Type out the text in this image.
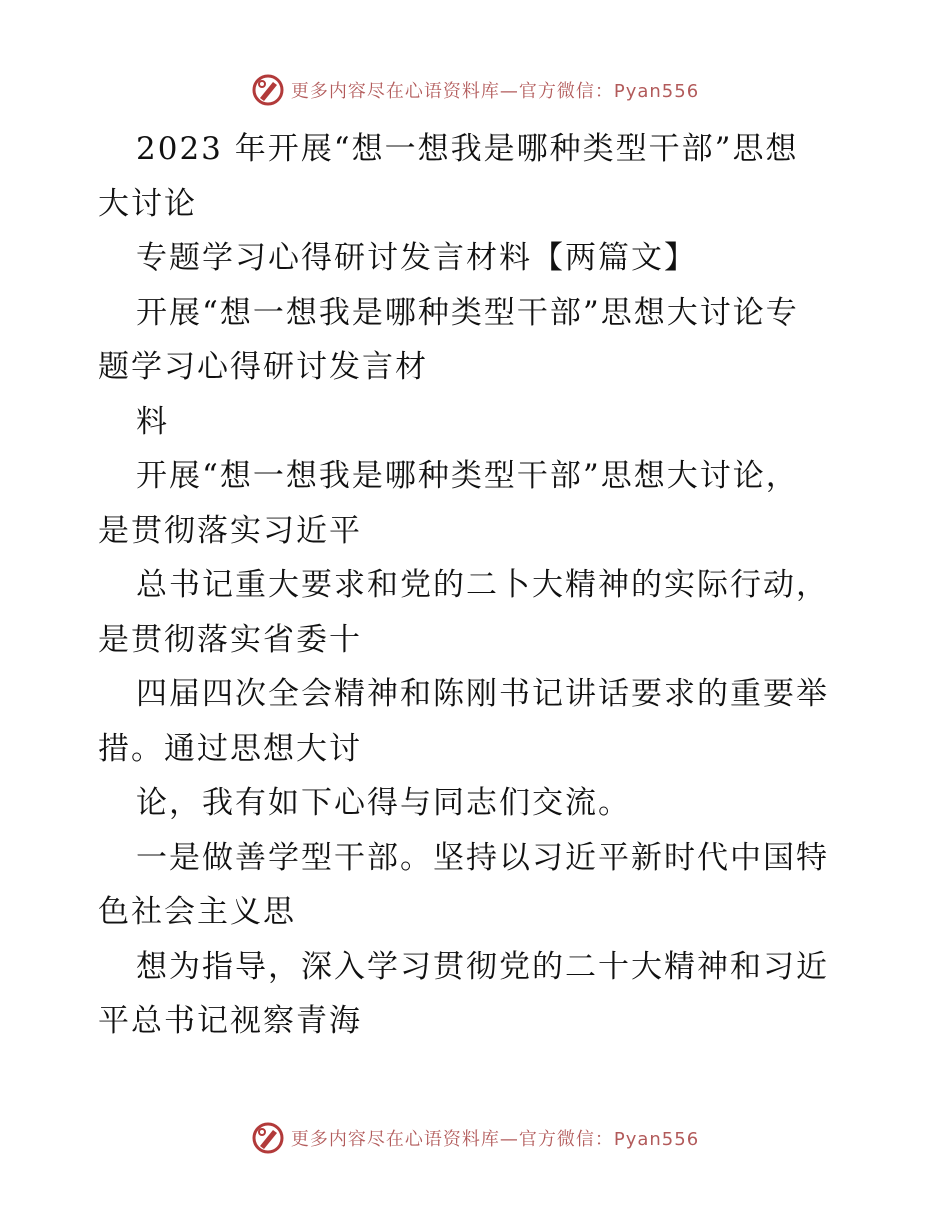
更多内容尽在心语资料库—官方微信：Pyan556
2023 年开展“想一想我是哪种类型干部”思想
大讨论
专题学习心得研讨发言材料【两篇文】
开展“想一想我是哪种类型干部”思想大讨论专
题学习心得研讨发言材
料
开展“想一想我是哪种类型干部”思想大讨论，
是贯彻落实习近平
总书记重大要求和党的二卜大精神的实际行动，
是贯彻落实省委十
四届四次全会精神和陈刚书记讲话要求的重要举
措。通过思想大讨
论，我有如下心得与同志们交流。
一是做善学型干部。坚持以习近平新时代中国特
色社会主义思
想为指导，深入学习贯彻党的二十大精神和习近
平总书记视察青海
更多内容尽在心语资料库—官方微信：Pyan556
